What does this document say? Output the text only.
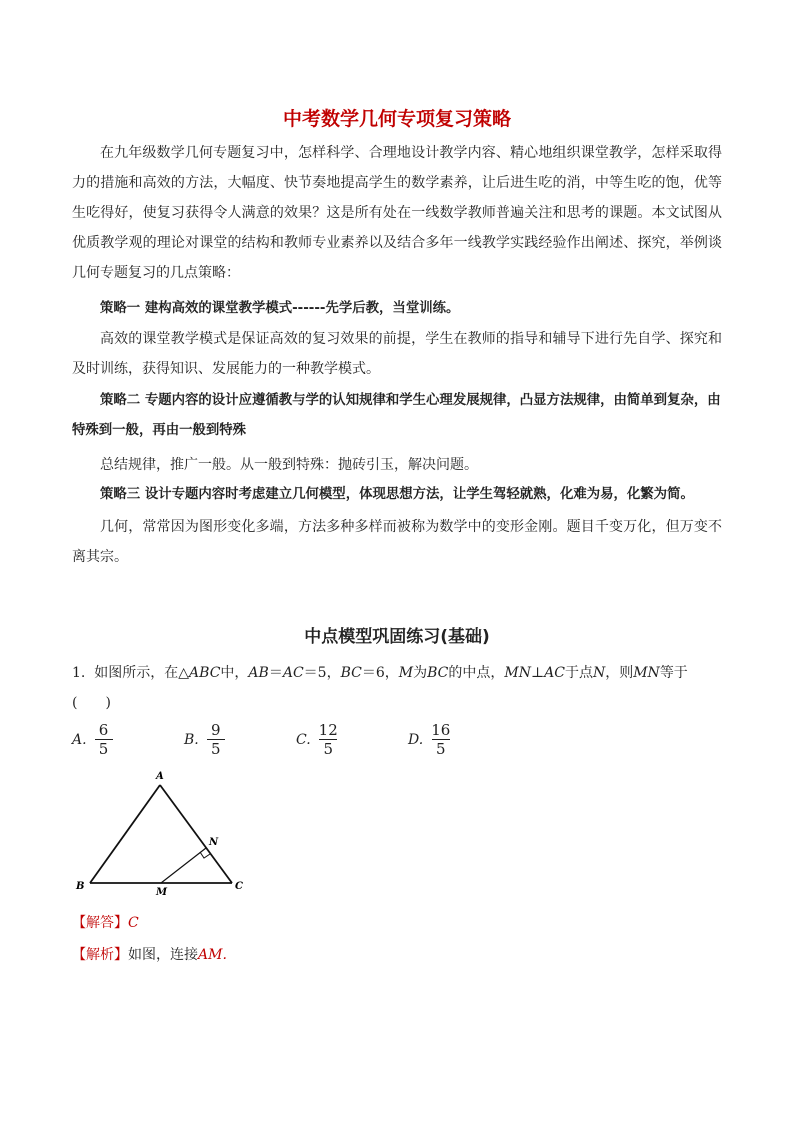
中考数学几何专项复习策略

在九年级数学几何专题复习中，怎样科学、合理地设计教学内容、精心地组织课堂教学，怎样采取得力的措施和高效的方法，大幅度、快节奏地提高学生的数学素养，让后进生吃的消，中等生吃的饱，优等生吃得好，使复习获得令人满意的效果？这是所有处在一线数学教师普遍关注和思考的课题。本文试图从优质教学观的理论对课堂的结构和教师专业素养以及结合多年一线教学实践经验作出阐述、探究，举例谈几何专题复习的几点策略：

策略一 建构高效的课堂教学模式------先学后教，当堂训练。

高效的课堂教学模式是保证高效的复习效果的前提，学生在教师的指导和辅导下进行先自学、探究和及时训练，获得知识、发展能力的一种教学模式。

策略二 专题内容的设计应遵循教与学的认知规律和学生心理发展规律，凸显方法规律，由简单到复杂，由特殊到一般，再由一般到特殊

总结规律，推广一般。从一般到特殊：抛砖引玉，解决问题。

策略三 设计专题内容时考虑建立几何模型，体现思想方法，让学生驾轻就熟，化难为易，化繁为简。

几何，常常因为图形变化多端，方法多种多样而被称为数学中的变形金刚。题目千变万化，但万变不离其宗。

中点模型巩固练习(基础)

1. 如图所示，在△ABC中，AB＝AC＝5，BC＝6，M为BC的中点，MN⊥AC于点N，则MN等于
(　　)

A. $\frac{6}{5}$	B. $\frac{9}{5}$	C. $\frac{12}{5}$	D. $\frac{16}{5}$
A
B	C
M
N
【解答】C
【解析】如图，连接AM.
